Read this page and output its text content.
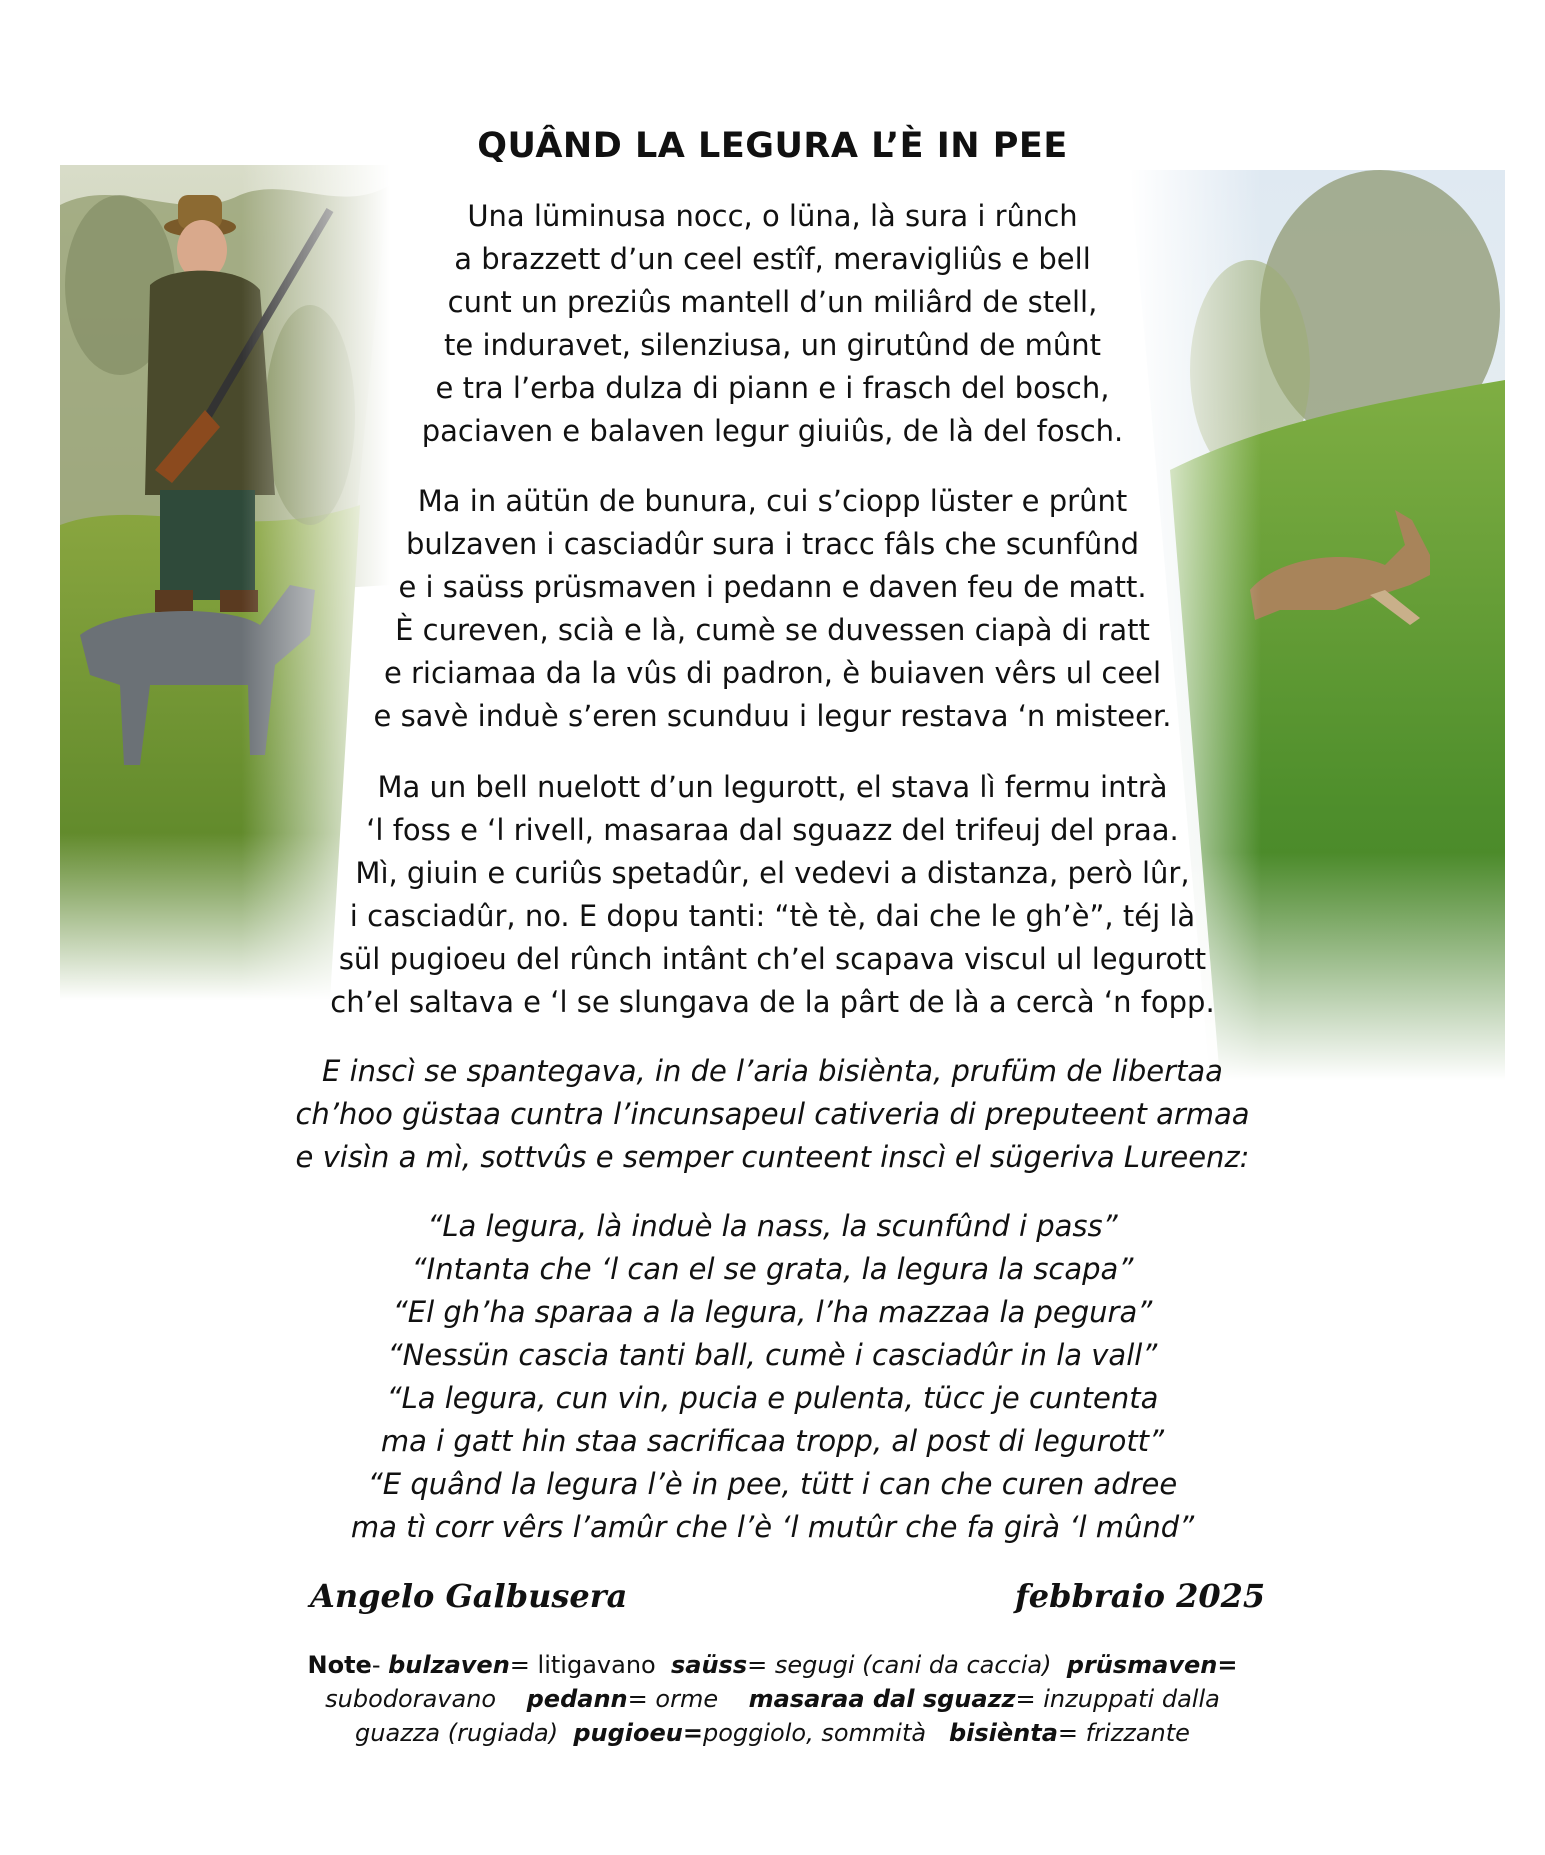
QUÂND LA LEGURA L’È IN PEE
Una lüminusa nocc, o lüna, là sura i rûnch
a brazzett d’un ceel estîf, meravigliûs e bell
cunt un preziûs mantell d’un miliârd de stell,
te induravet, silenziusa, un girutûnd de mûnt
e tra l’erba dulza di piann e i frasch del bosch,
paciaven e balaven legur giuiûs, de là del fosch.
Ma in aütün de bunura, cui s’ciopp lüster e prûnt
bulzaven i casciadûr sura i tracc fâls che scunfûnd
e i saüss prüsmaven i pedann e daven feu de matt.
È cureven, scià e là, cumè se duvessen ciapà di ratt
e riciamaa da la vûs di padron, è buiaven vêrs ul ceel
e savè induè s’eren scunduu i legur restava ‘n misteer.
Ma un bell nuelott d’un legurott, el stava lì fermu intrà
‘l foss e ‘l rivell, masaraa dal sguazz del trifeuj del praa.
Mì, giuin e curiûs spetadûr, el vedevi a distanza, però lûr,
i casciadûr, no. E dopu tanti: “tè tè, dai che le gh’è”, téj là
sül pugioeu del rûnch intânt ch’el scapava viscul ul legurott
ch’el saltava e ‘l se slungava de la pârt de là a cercà ‘n fopp.
E inscì se spantegava, in de l’aria bisiènta, prufüm de libertaa
ch’hoo güstaa cuntra l’incunsapeul cativeria di preputeent armaa
e visìn a mì, sottvûs e semper cunteent inscì el sügeriva Lureenz:
“La legura, là induè la nass, la scunfûnd i pass”
“Intanta che ‘l can el se grata, la legura la scapa”
“El gh’ha sparaa a la legura, l’ha mazzaa la pegura”
“Nessün cascia tanti ball, cumè i casciadûr in la vall”
“La legura, cun vin, pucia e pulenta, tücc je cuntenta
ma i gatt hin staa sacrificaa tropp, al post di legurott”
“E quând la legura l’è in pee, tütt i can che curen adree
ma tì corr vêrs l’amûr che l’è ‘l mutûr che fa girà ‘l mûnd”
Angelo Galbusera	febbraio 2025
Note- bulzaven= litigavano saüss= segugi (cani da caccia) prüsmaven=
subodoravano pedann= orme masaraa dal sguazz= inzuppati dalla
guazza (rugiada) pugioeu=poggiolo, sommità bisiènta= frizzante
